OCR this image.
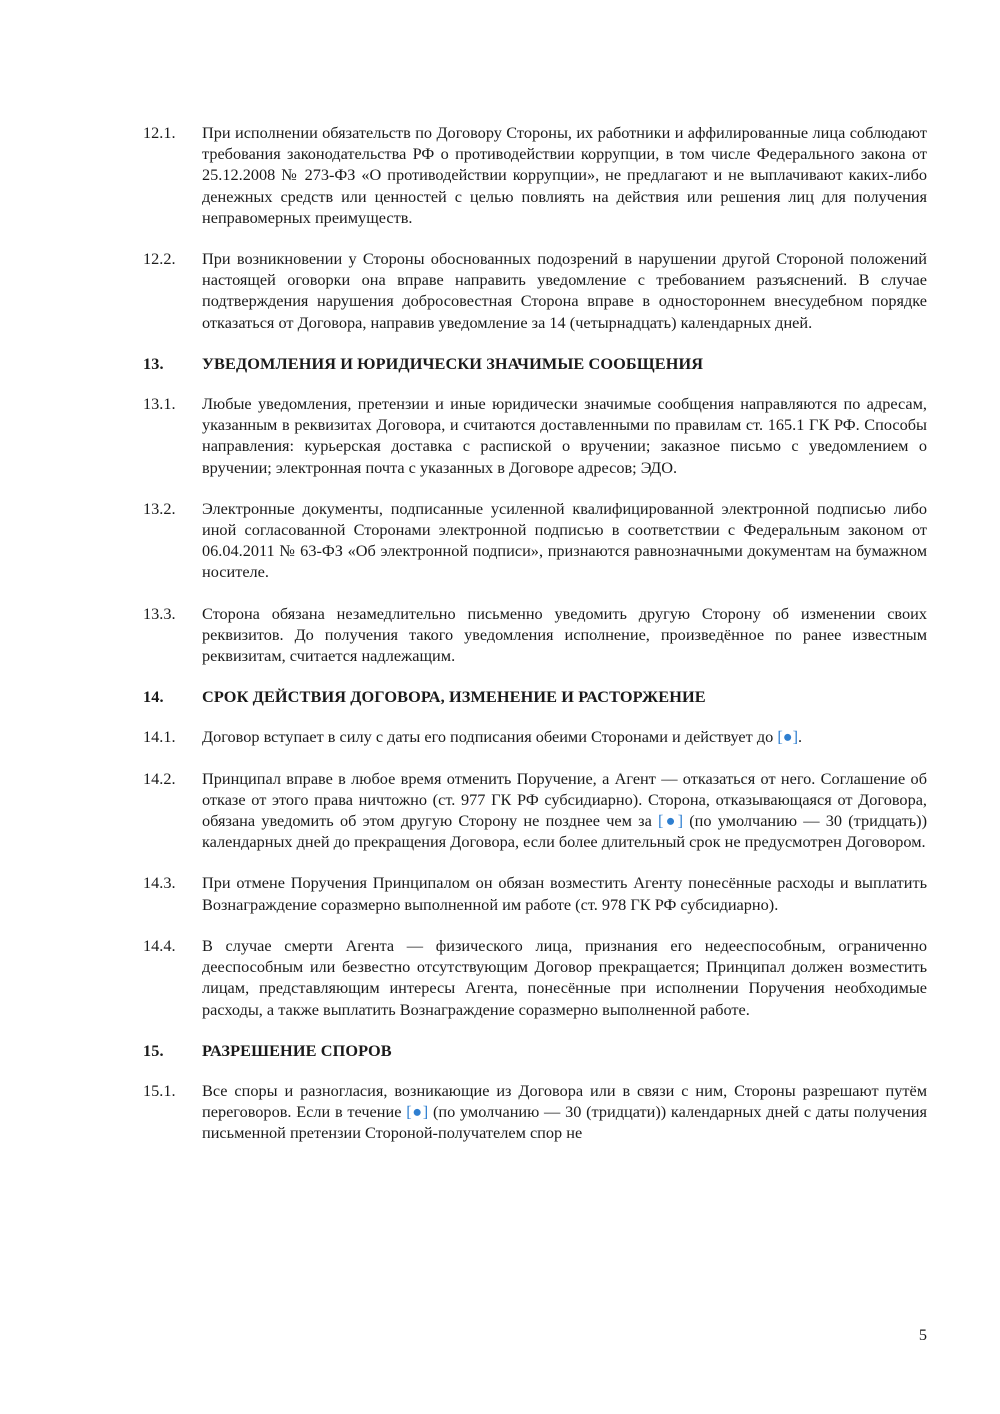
12.1.	При исполнении обязательств по Договору Стороны, их работники и аффилированные лица соблюдают требования законодательства РФ о противодействии коррупции, в том числе Федерального закона от 25.12.2008 № 273-ФЗ «О противодействии коррупции», не предлагают и не выплачивают каких-либо денежных средств или ценностей с целью повлиять на действия или решения лиц для получения неправомерных преимуществ.
12.2.	При возникновении у Стороны обоснованных подозрений в нарушении другой Стороной положений настоящей оговорки она вправе направить уведомление с требованием разъяснений. В случае подтверждения нарушения добросовестная Сторона вправе в одностороннем внесудебном порядке отказаться от Договора, направив уведомление за 14 (четырнадцать) календарных дней.
13.	УВЕДОМЛЕНИЯ И ЮРИДИЧЕСКИ ЗНАЧИМЫЕ СООБЩЕНИЯ
13.1.	Любые уведомления, претензии и иные юридически значимые сообщения направляются по адресам, указанным в реквизитах Договора, и считаются доставленными по правилам ст. 165.1 ГК РФ. Способы направления: курьерская доставка с распиской о вручении; заказное письмо с уведомлением о вручении; электронная почта с указанных в Договоре адресов; ЭДО.
13.2.	Электронные документы, подписанные усиленной квалифицированной электронной подписью либо иной согласованной Сторонами электронной подписью в соответствии с Федеральным законом от 06.04.2011 № 63-ФЗ «Об электронной подписи», признаются равнозначными документам на бумажном носителе.
13.3.	Сторона обязана незамедлительно письменно уведомить другую Сторону об изменении своих реквизитов. До получения такого уведомления исполнение, произведённое по ранее известным реквизитам, считается надлежащим.
14.	СРОК ДЕЙСТВИЯ ДОГОВОРА, ИЗМЕНЕНИЕ И РАСТОРЖЕНИЕ
14.1.	Договор вступает в силу с даты его подписания обеими Сторонами и действует до [●].
14.2.	Принципал вправе в любое время отменить Поручение, а Агент — отказаться от него. Соглашение об отказе от этого права ничтожно (ст. 977 ГК РФ субсидиарно). Сторона, отказывающаяся от Договора, обязана уведомить об этом другую Сторону не позднее чем за [●] (по умолчанию — 30 (тридцать)) календарных дней до прекращения Договора, если более длительный срок не предусмотрен Договором.
14.3.	При отмене Поручения Принципалом он обязан возместить Агенту понесённые расходы и выплатить Вознаграждение соразмерно выполненной им работе (ст. 978 ГК РФ субсидиарно).
14.4.	В случае смерти Агента — физического лица, признания его недееспособным, ограниченно дееспособным или безвестно отсутствующим Договор прекращается; Принципал должен возместить лицам, представляющим интересы Агента, понесённые при исполнении Поручения необходимые расходы, а также выплатить Вознаграждение соразмерно выполненной работе.
15.	РАЗРЕШЕНИЕ СПОРОВ
15.1.	Все споры и разногласия, возникающие из Договора или в связи с ним, Стороны разрешают путём переговоров. Если в течение [●] (по умолчанию — 30 (тридцати)) календарных дней с даты получения письменной претензии Стороной-получателем спор не
5
